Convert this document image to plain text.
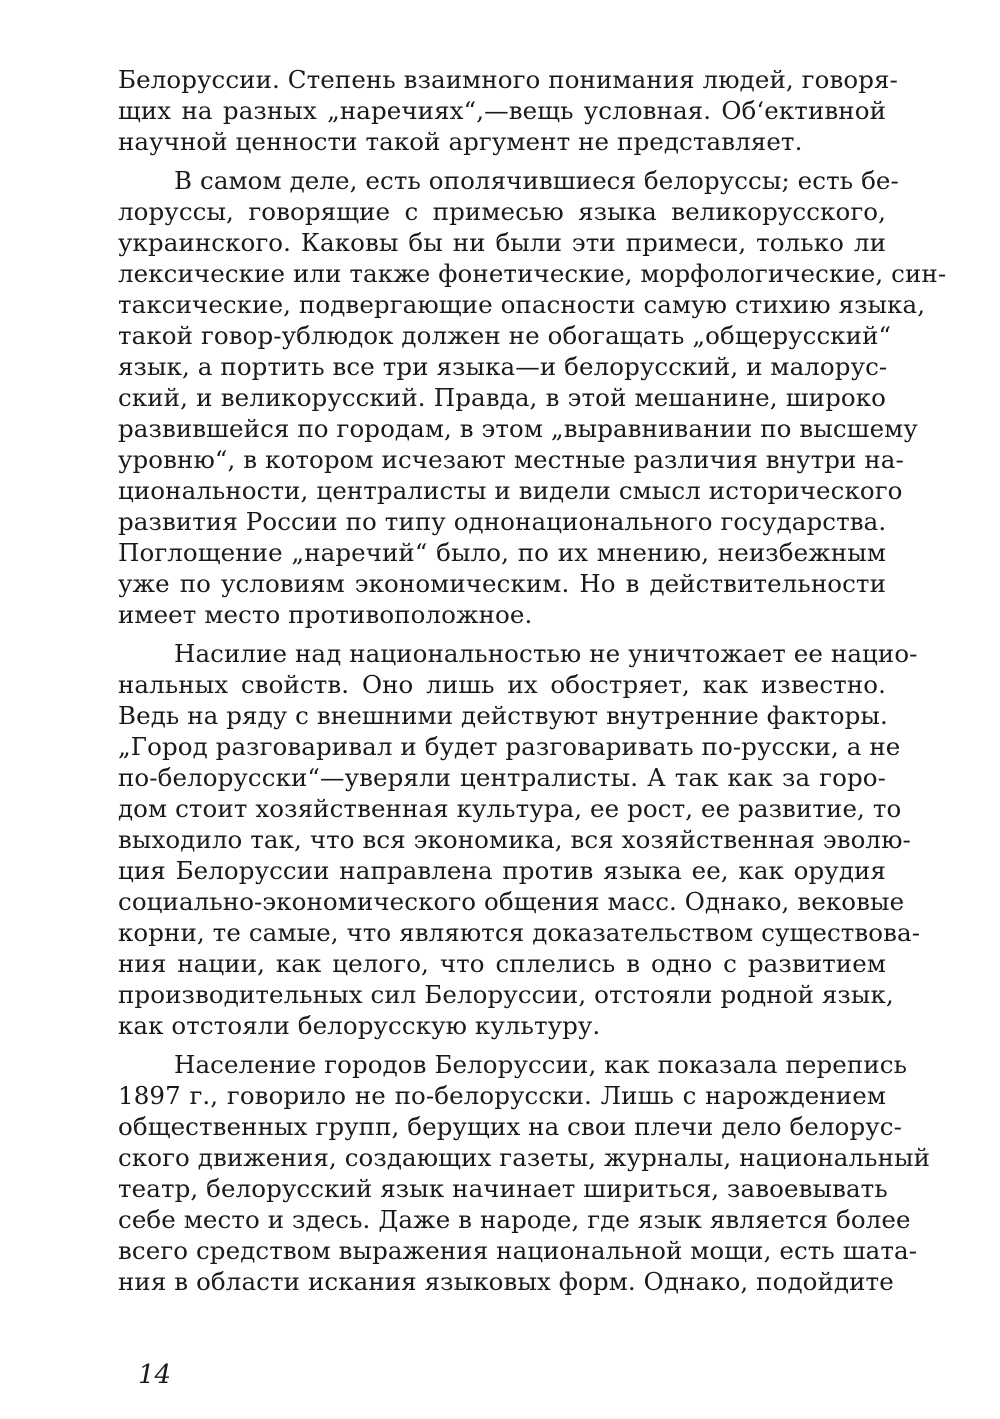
Белоруссии. Степень взаимного понимания людей, говоря-
щих на разных „наречиях“,—вещь условная. Об‘ективной
научной ценности такой аргумент не представляет.
В самом деле, есть ополячившиеся белоруссы; есть бе-
лоруссы, говорящие с примесью языка великорусского,
украинского. Каковы бы ни были эти примеси, только ли
лексические или также фонетические, морфологические, син-
таксические, подвергающие опасности самую стихию языка,
такой говор-ублюдок должен не обогащать „общерусский“
язык, а портить все три языка—и белорусский, и малорус-
ский, и великорусский. Правда, в этой мешанине, широко
развившейся по городам, в этом „выравнивании по высшему
уровню“, в котором исчезают местные различия внутри на-
циональности, централисты и видели смысл исторического
развития России по типу однонационального государства.
Поглощение „наречий“ было, по их мнению, неизбежным
уже по условиям экономическим. Но в действительности
имеет место противоположное.
Насилие над национальностью не уничтожает ее нацио-
нальных свойств. Оно лишь их обостряет, как известно.
Ведь на ряду с внешними действуют внутренние факторы.
„Город разговаривал и будет разговаривать по-русски, а не
по-белорусски“—уверяли централисты. А так как за горо-
дом стоит хозяйственная культура, ее рост, ее развитие, то
выходило так, что вся экономика, вся хозяйственная эволю-
ция Белоруссии направлена против языка ее, как орудия
социально-экономического общения масс. Однако, вековые
корни, те самые, что являются доказательством существова-
ния нации, как целого, что сплелись в одно с развитием
производительных сил Белоруссии, отстояли родной язык,
как отстояли белорусскую культуру.
Население городов Белоруссии, как показала перепись
1897 г., говорило не по-белорусски. Лишь с нарождением
общественных групп, берущих на свои плечи дело белорус-
ского движения, создающих газеты, журналы, национальный
театр, белорусский язык начинает шириться, завоевывать
себе место и здесь. Даже в народе, где язык является более
всего средством выражения национальной мощи, есть шата-
ния в области искания языковых форм. Однако, подойдите
14
